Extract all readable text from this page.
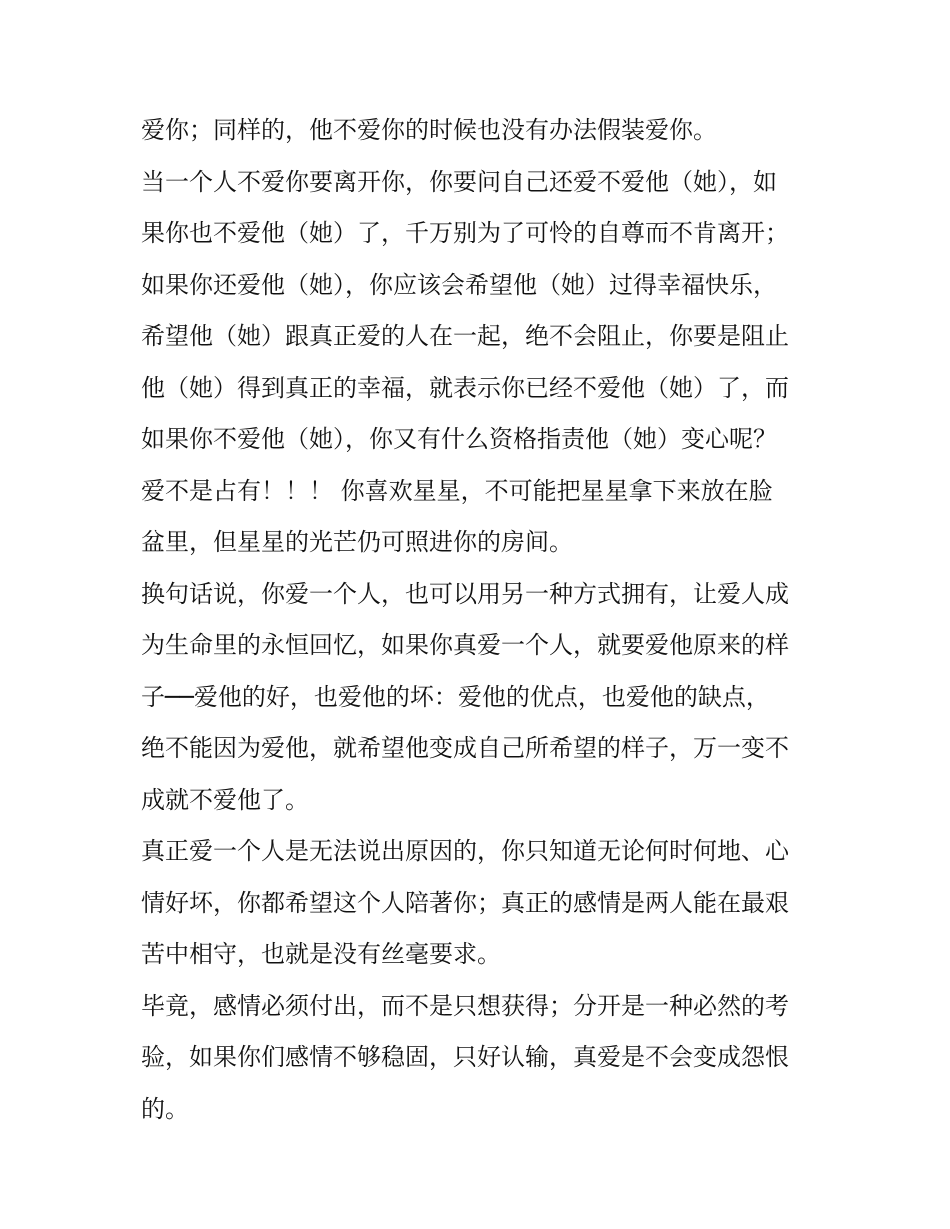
爱你；同样的，他不爱你的时候也没有办法假装爱你。
当一个人不爱你要离开你，你要问自己还爱不爱他（她），如
果你也不爱他（她）了，千万别为了可怜的自尊而不肯离开；
如果你还爱他（她），你应该会希望他（她）过得幸福快乐，
希望他（她）跟真正爱的人在一起，绝不会阻止，你要是阻止
他（她）得到真正的幸福，就表示你已经不爱他（她）了，而
如果你不爱他（她），你又有什么资格指责他（她）变心呢？
爱不是占有！！！ 你喜欢星星，不可能把星星拿下来放在脸
盆里，但星星的光芒仍可照进你的房间。
换句话说，你爱一个人，也可以用另一种方式拥有，让爱人成
为生命里的永恒回忆，如果你真爱一个人，就要爱他原来的样
子──爱他的好，也爱他的坏：爱他的优点，也爱他的缺点，
绝不能因为爱他，就希望他变成自己所希望的样子，万一变不
成就不爱他了。
真正爱一个人是无法说出原因的，你只知道无论何时何地、心
情好坏，你都希望这个人陪著你；真正的感情是两人能在最艰
苦中相守，也就是没有丝毫要求。
毕竟，感情必须付出，而不是只想获得；分开是一种必然的考
验，如果你们感情不够稳固，只好认输，真爱是不会变成怨恨
的。
